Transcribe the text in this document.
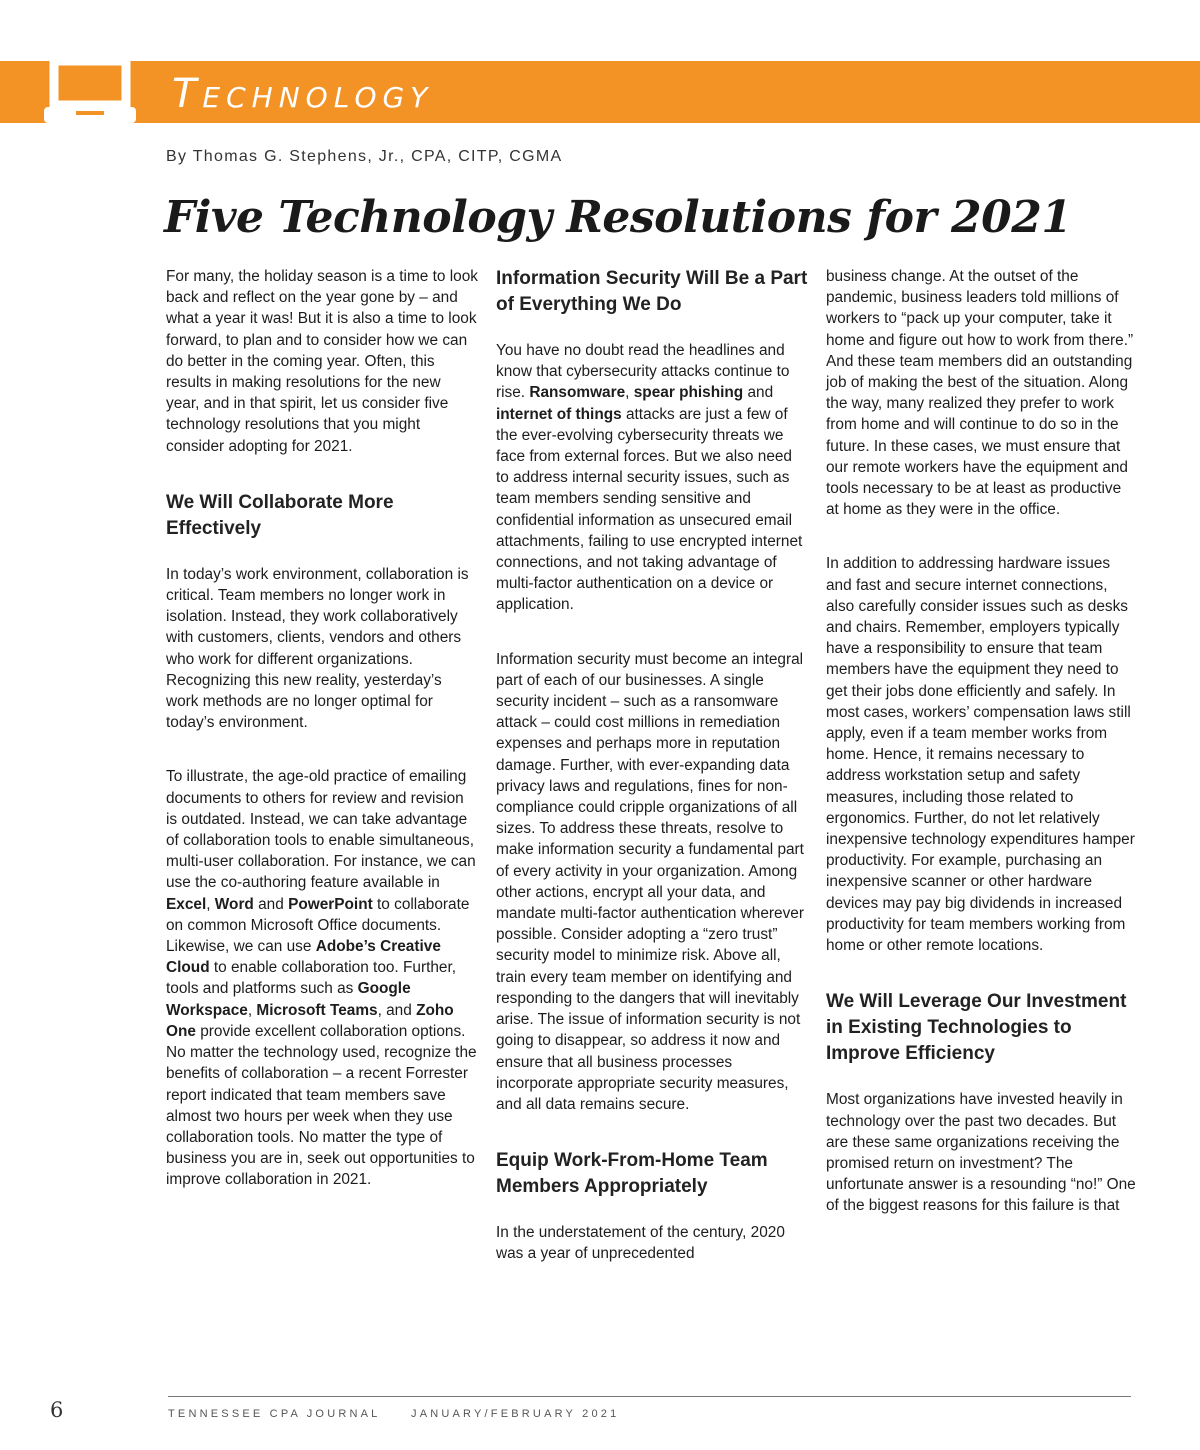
Technology
By Thomas G. Stephens, Jr., CPA, CITP, CGMA
Five Technology Resolutions for 2021

For many, the holiday season is a time to look back and reflect on the year gone by – and what a year it was! But it is also a time to look forward, to plan and to consider how we can do better in the coming year. Often, this results in making resolutions for the new year, and in that spirit, let us consider five technology resolutions that you might consider adopting for 2021.

We Will Collaborate More Effectively

In today’s work environment, collaboration is critical. Team members no longer work in isolation. Instead, they work collaboratively with customers, clients, vendors and others who work for different organizations. Recognizing this new reality, yesterday’s work methods are no longer optimal for today’s environment.

To illustrate, the age-old practice of emailing documents to others for review and revision is outdated. Instead, we can take advantage of collaboration tools to enable simultaneous, multi-user collaboration. For instance, we can use the co-authoring feature available in Excel, Word and PowerPoint to collaborate on common Microsoft Office documents. Likewise, we can use Adobe’s Creative Cloud to enable collaboration too. Further, tools and platforms such as Google Workspace, Microsoft Teams, and Zoho One provide excellent collaboration options. No matter the technology used, recognize the benefits of collaboration – a recent Forrester report indicated that team members save almost two hours per week when they use collaboration tools. No matter the type of business you are in, seek out opportunities to improve collaboration in 2021.

Information Security Will Be a Part of Everything We Do

You have no doubt read the headlines and know that cybersecurity attacks continue to rise. Ransomware, spear phishing and internet of things attacks are just a few of the ever-evolving cybersecurity threats we face from external forces. But we also need to address internal security issues, such as team members sending sensitive and confidential information as unsecured email attachments, failing to use encrypted internet connections, and not taking advantage of multi-factor authentication on a device or application.

Information security must become an integral part of each of our businesses. A single security incident – such as a ransomware attack – could cost millions in remediation expenses and perhaps more in reputation damage. Further, with ever-expanding data privacy laws and regulations, fines for non-compliance could cripple organizations of all sizes. To address these threats, resolve to make information security a fundamental part of every activity in your organization. Among other actions, encrypt all your data, and mandate multi-factor authentication wherever possible. Consider adopting a “zero trust” security model to minimize risk. Above all, train every team member on identifying and responding to the dangers that will inevitably arise. The issue of information security is not going to disappear, so address it now and ensure that all business processes incorporate appropriate security measures, and all data remains secure.

Equip Work-From-Home Team Members Appropriately

In the understatement of the century, 2020 was a year of unprecedented

business change. At the outset of the pandemic, business leaders told millions of workers to “pack up your computer, take it home and figure out how to work from there.” And these team members did an outstanding job of making the best of the situation. Along the way, many realized they prefer to work from home and will continue to do so in the future. In these cases, we must ensure that our remote workers have the equipment and tools necessary to be at least as productive at home as they were in the office.

In addition to addressing hardware issues and fast and secure internet connections, also carefully consider issues such as desks and chairs. Remember, employers typically have a responsibility to ensure that team members have the equipment they need to get their jobs done efficiently and safely. In most cases, workers’ compensation laws still apply, even if a team member works from home. Hence, it remains necessary to address workstation setup and safety measures, including those related to ergonomics. Further, do not let relatively inexpensive technology expenditures hamper productivity. For example, purchasing an inexpensive scanner or other hardware devices may pay big dividends in increased productivity for team members working from home or other remote locations.

We Will Leverage Our Investment in Existing Technologies to Improve Efficiency

Most organizations have invested heavily in technology over the past two decades. But are these same organizations receiving the promised return on investment? The unfortunate answer is a resounding “no!” One of the biggest reasons for this failure is that

6	TENNESSEE CPA JOURNAL	JANUARY/FEBRUARY 2021
